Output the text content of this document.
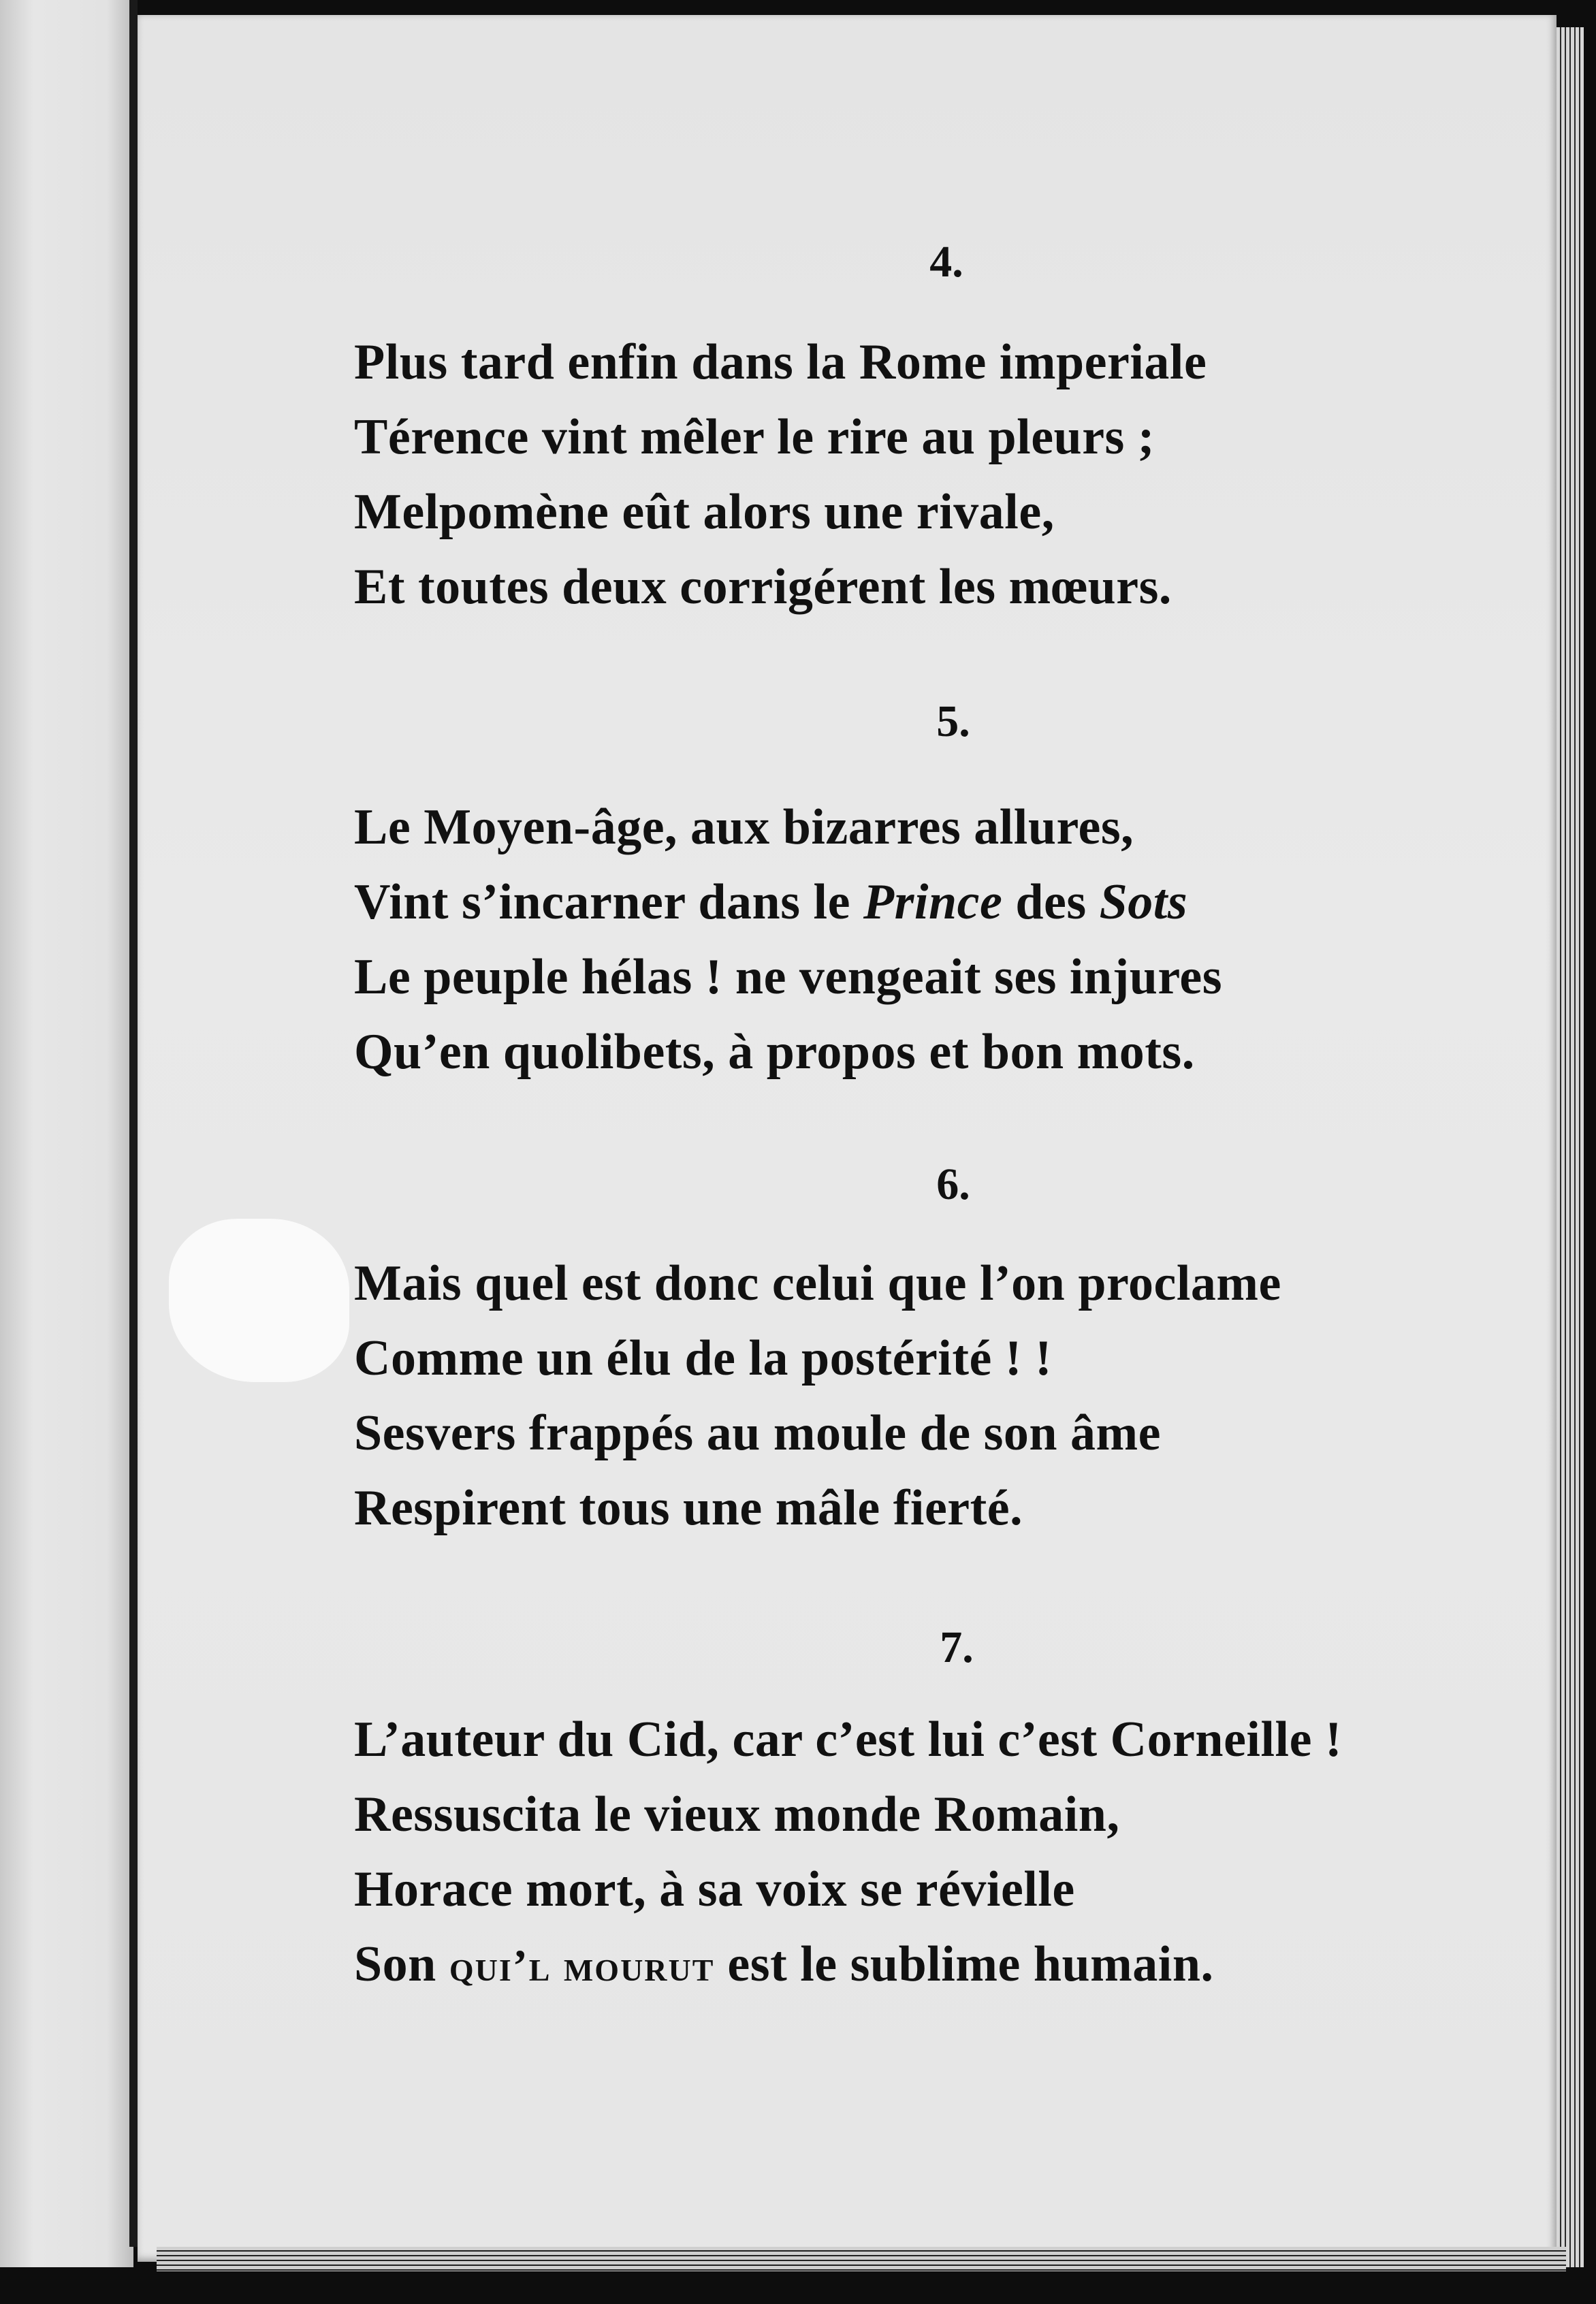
4.
Plus tard enfin dans la Rome imperiale
Térence vint mêler le rire au pleurs ;
Melpomène eût alors une rivale,
Et toutes deux corrigérent les mœurs.
5.
Le Moyen-âge, aux bizarres allures,
Vint s’incarner dans le Prince des Sots
Le peuple hélas ! ne vengeait ses injures
Qu’en quolibets, à propos et bon mots.
6.
Mais quel est donc celui que l’on proclame
Comme un élu de la postérité ! !
Sesvers frappés au moule de son âme
Respirent tous une mâle fierté.
7.
L’auteur du Cid, car c’est lui c’est Corneille !
Ressuscita le vieux monde Romain,
Horace mort, à sa voix se révielle
Son qui’l mourut est le sublime humain.
